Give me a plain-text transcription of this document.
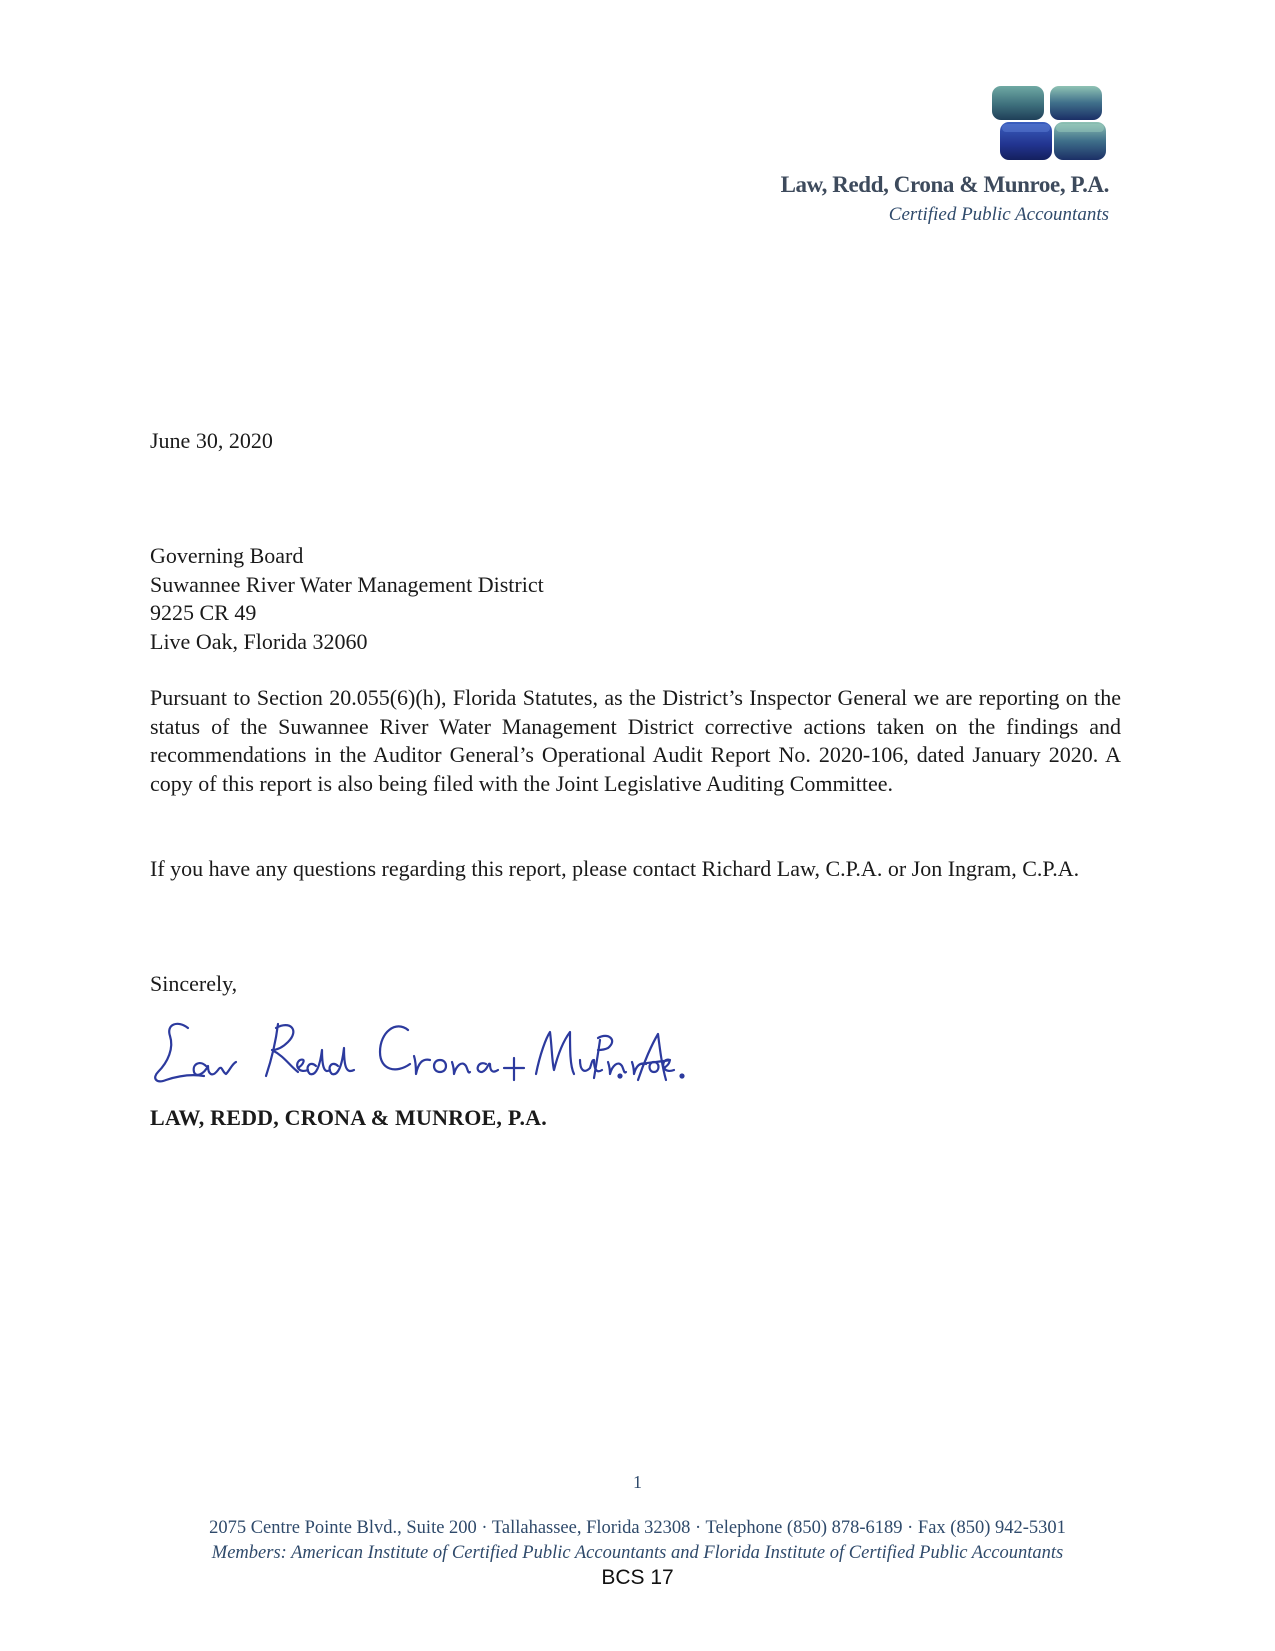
Law, Redd, Crona & Munroe, P.A.
Certified Public Accountants
June 30, 2020
Governing Board
Suwannee River Water Management District
9225 CR 49
Live Oak, Florida 32060
Pursuant to Section 20.055(6)(h), Florida Statutes, as the District’s Inspector General we are reporting on the status of the Suwannee River Water Management District corrective actions taken on the findings and recommendations in the Auditor General’s Operational Audit Report No. 2020-106, dated January 2020. A copy of this report is also being filed with the Joint Legislative Auditing Committee.
If you have any questions regarding this report, please contact Richard Law, C.P.A. or Jon Ingram, C.P.A.
Sincerely,
LAW, REDD, CRONA & MUNROE, P.A.
1
2075 Centre Pointe Blvd., Suite 200 · Tallahassee, Florida 32308 · Telephone (850) 878-6189 · Fax (850) 942-5301
Members: American Institute of Certified Public Accountants and Florida Institute of Certified Public Accountants
BCS 17
